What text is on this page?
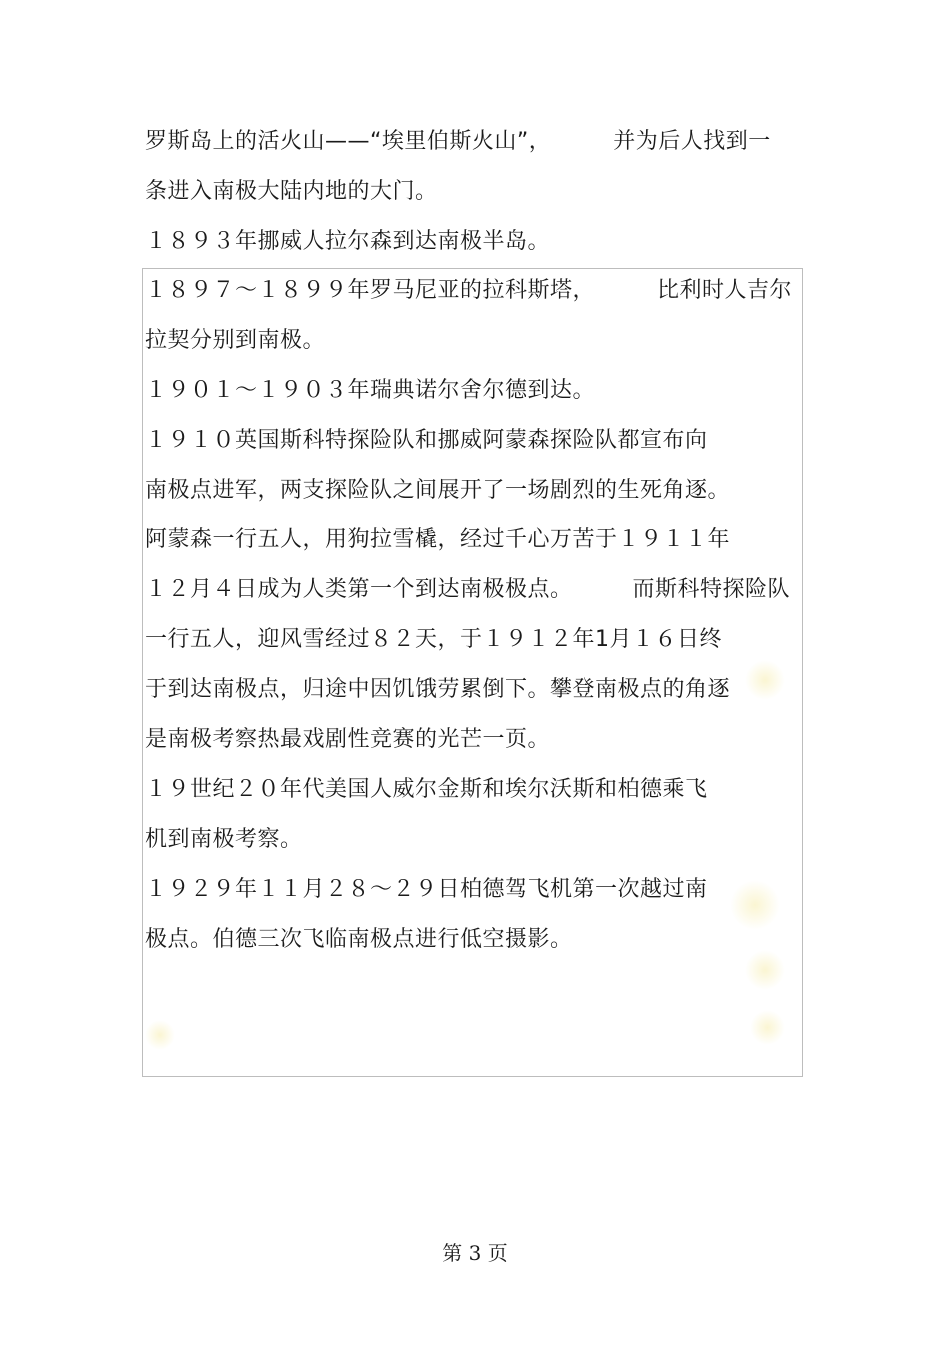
罗斯岛上的活火山——“埃里伯斯火山”，	并为后人找到一
条进入南极大陆内地的大门。
１８９３年挪威人拉尔森到达南极半岛。
１８９７～１８９９年罗马尼亚的拉科斯塔，	比利时人吉尔
拉契分别到南极。
１９０１～１９０３年瑞典诺尔舍尔德到达。
１９１０英国斯科特探险队和挪威阿蒙森探险队都宣布向
南极点进军，两支探险队之间展开了一场剧烈的生死角逐。
阿蒙森一行五人，用狗拉雪橇，经过千心万苦于１９１１年
１２月４日成为人类第一个到达南极极点。	而斯科特探险队
一行五人，迎风雪经过８２天，于１９１２年1月１６日终
于到达南极点，归途中因饥饿劳累倒下。攀登南极点的角逐
是南极考察热最戏剧性竞赛的光芒一页。
１９世纪２０年代美国人威尔金斯和埃尔沃斯和柏德乘飞
机到南极考察。
１９２９年１１月２８～２９日柏德驾飞机第一次越过南
极点。伯德三次飞临南极点进行低空摄影。
第 3 页
